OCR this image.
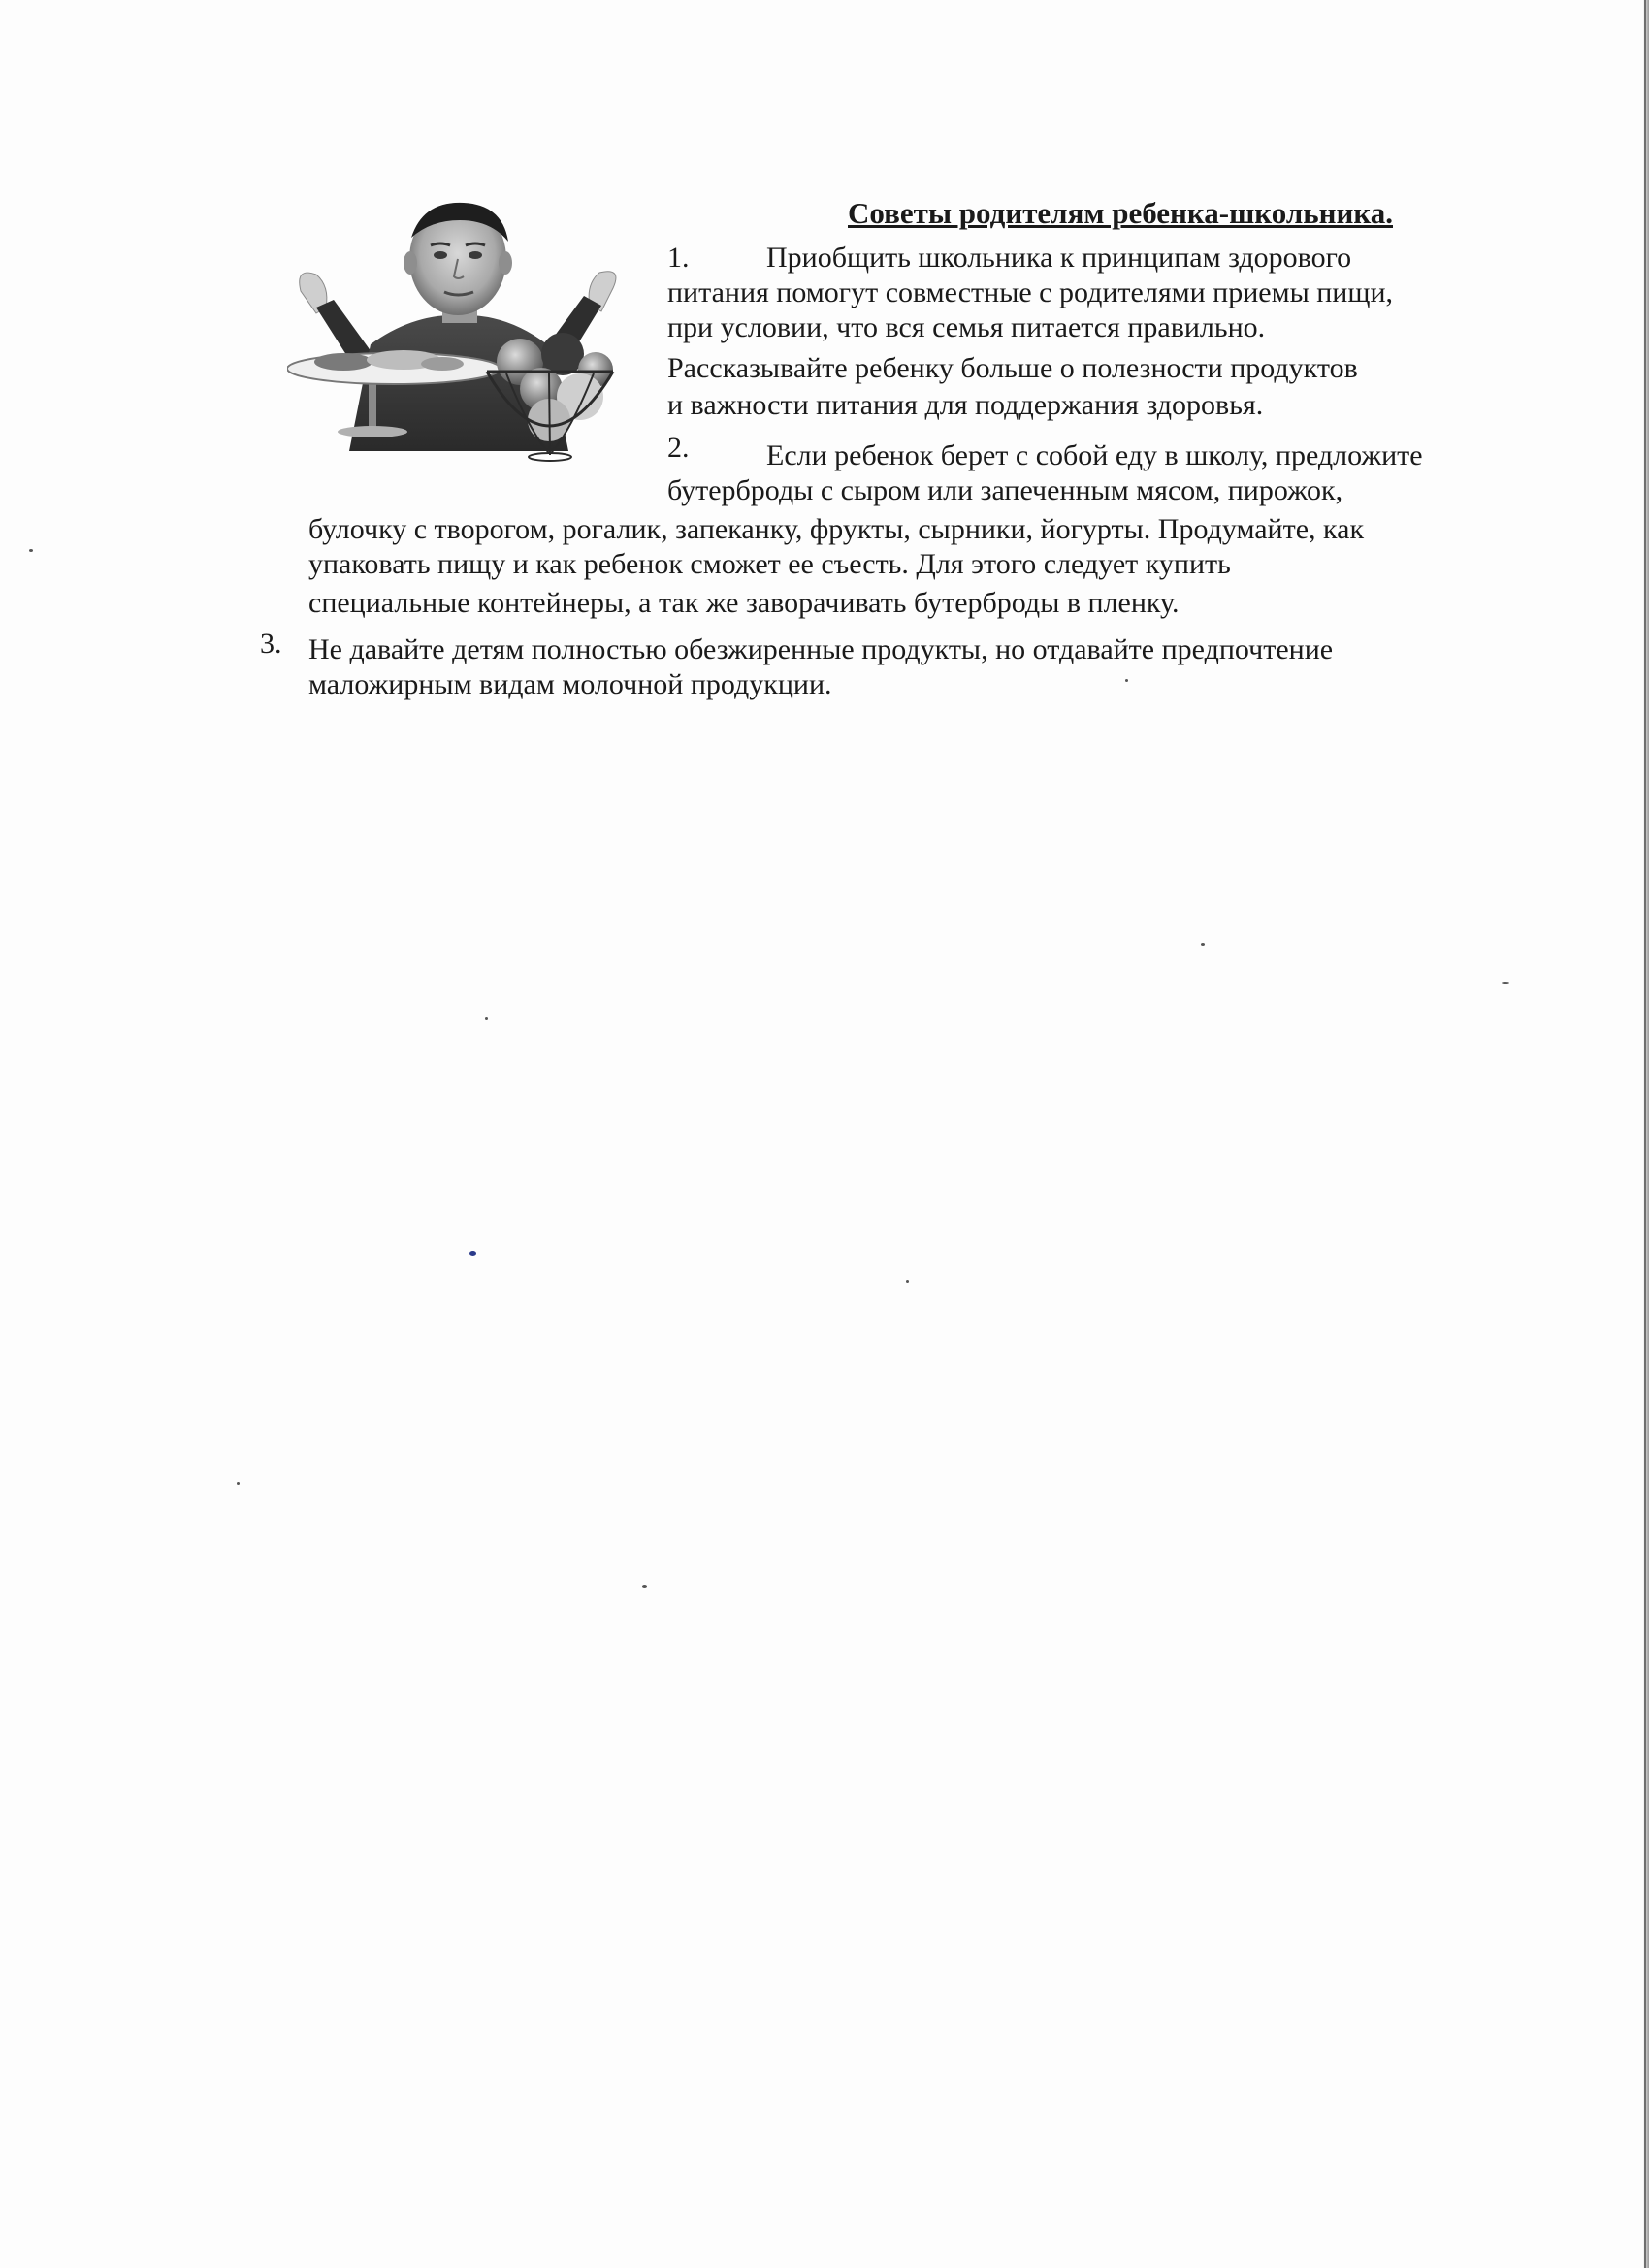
Советы родителям ребенка-школьника.
1.	Приобщить школьника к принципам здорового
питания помогут совместные с родителями приемы пищи,
при условии, что вся семья питается правильно.
Рассказывайте ребенку больше о полезности продуктов
и важности питания для поддержания здоровья.
2.	Если ребенок берет с собой еду в школу, предложите
бутерброды с сыром или запеченным мясом, пирожок,
булочку с творогом, рогалик, запеканку, фрукты, сырники, йогурты. Продумайте, как
упаковать пищу и как ребенок сможет ее съесть. Для этого следует купить
специальные контейнеры, а так же заворачивать бутерброды в пленку.
3. Не давайте детям полностью обезжиренные продукты, но отдавайте предпочтение
маложирным видам молочной продукции.
